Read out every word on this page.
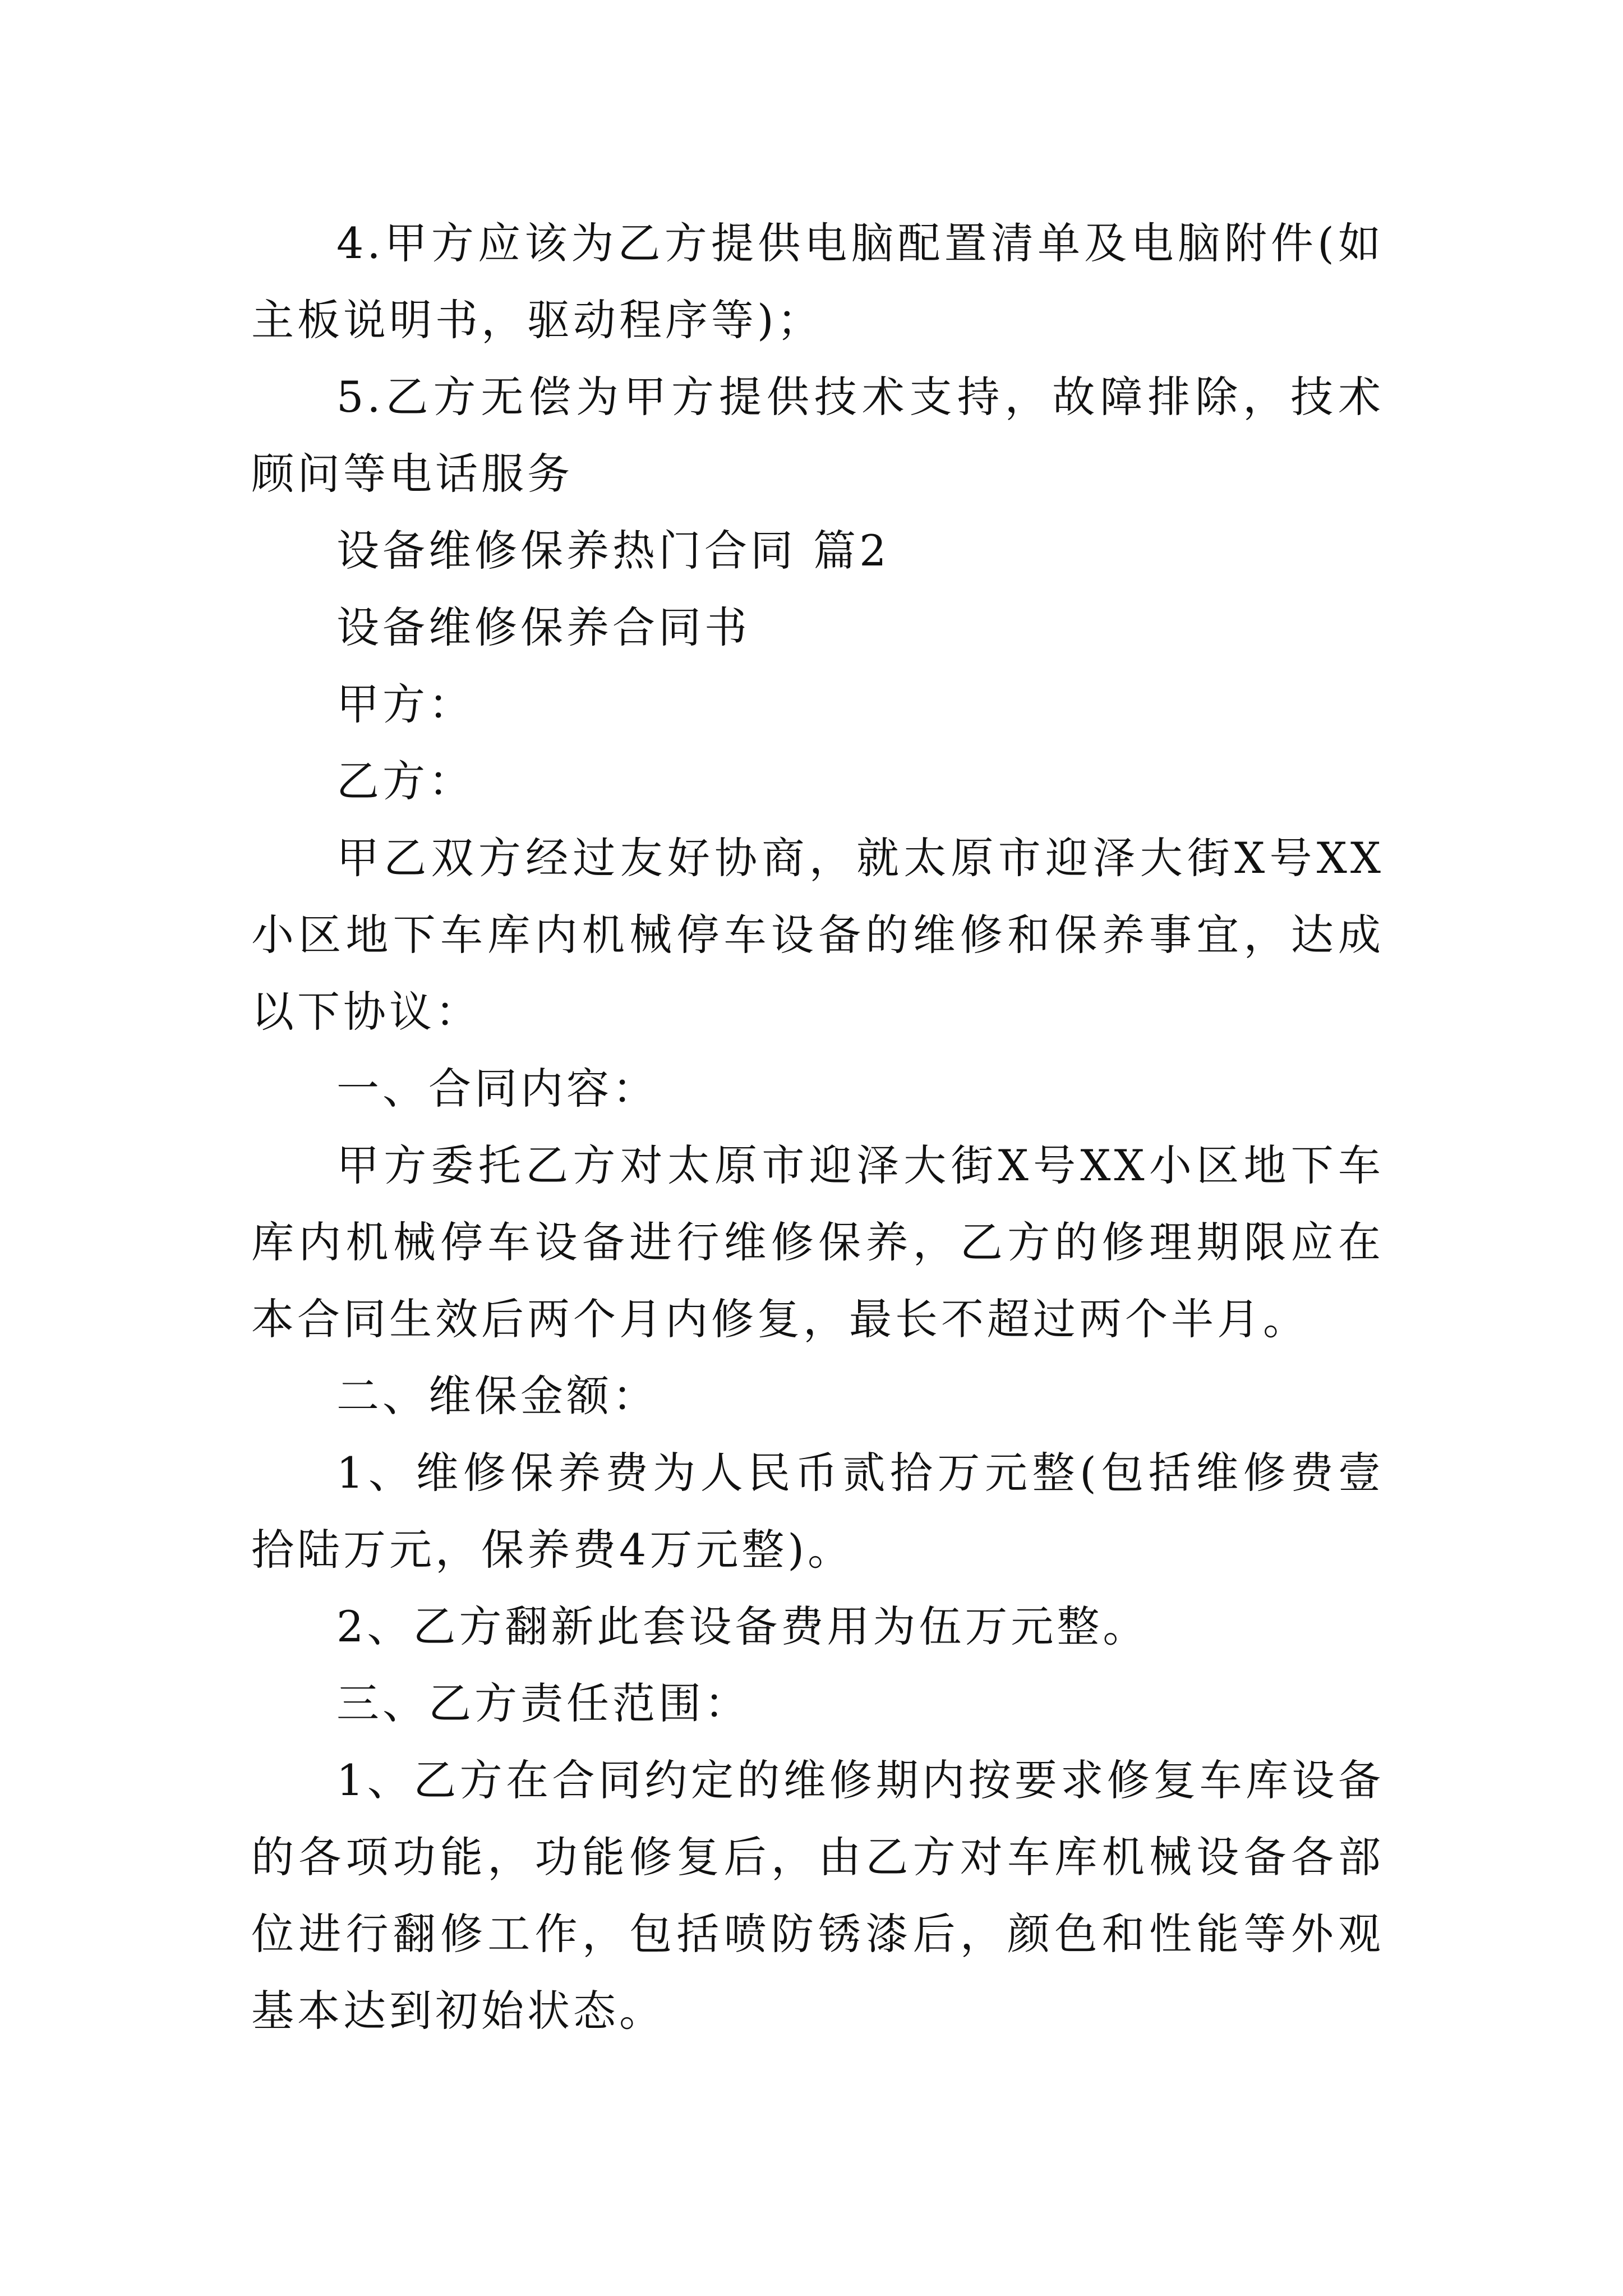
4.甲方应该为乙方提供电脑配置清单及电脑附件(如主板说明书，驱动程序等)；

5.乙方无偿为甲方提供技术支持，故障排除，技术顾问等电话服务

设备维修保养热门合同 篇2

设备维修保养合同书

甲方：

乙方：

甲乙双方经过友好协商，就太原市迎泽大街X号XX小区地下车库内机械停车设备的维修和保养事宜，达成以下协议：

一、合同内容：

甲方委托乙方对太原市迎泽大街X号XX小区地下车库内机械停车设备进行维修保养，乙方的修理期限应在本合同生效后两个月内修复，最长不超过两个半月。

二、维保金额：

1、维修保养费为人民币贰拾万元整(包括维修费壹拾陆万元，保养费4万元整)。

2、乙方翻新此套设备费用为伍万元整。

三、乙方责任范围：

1、乙方在合同约定的维修期内按要求修复车库设备的各项功能，功能修复后，由乙方对车库机械设备各部位进行翻修工作，包括喷防锈漆后，颜色和性能等外观基本达到初始状态。
